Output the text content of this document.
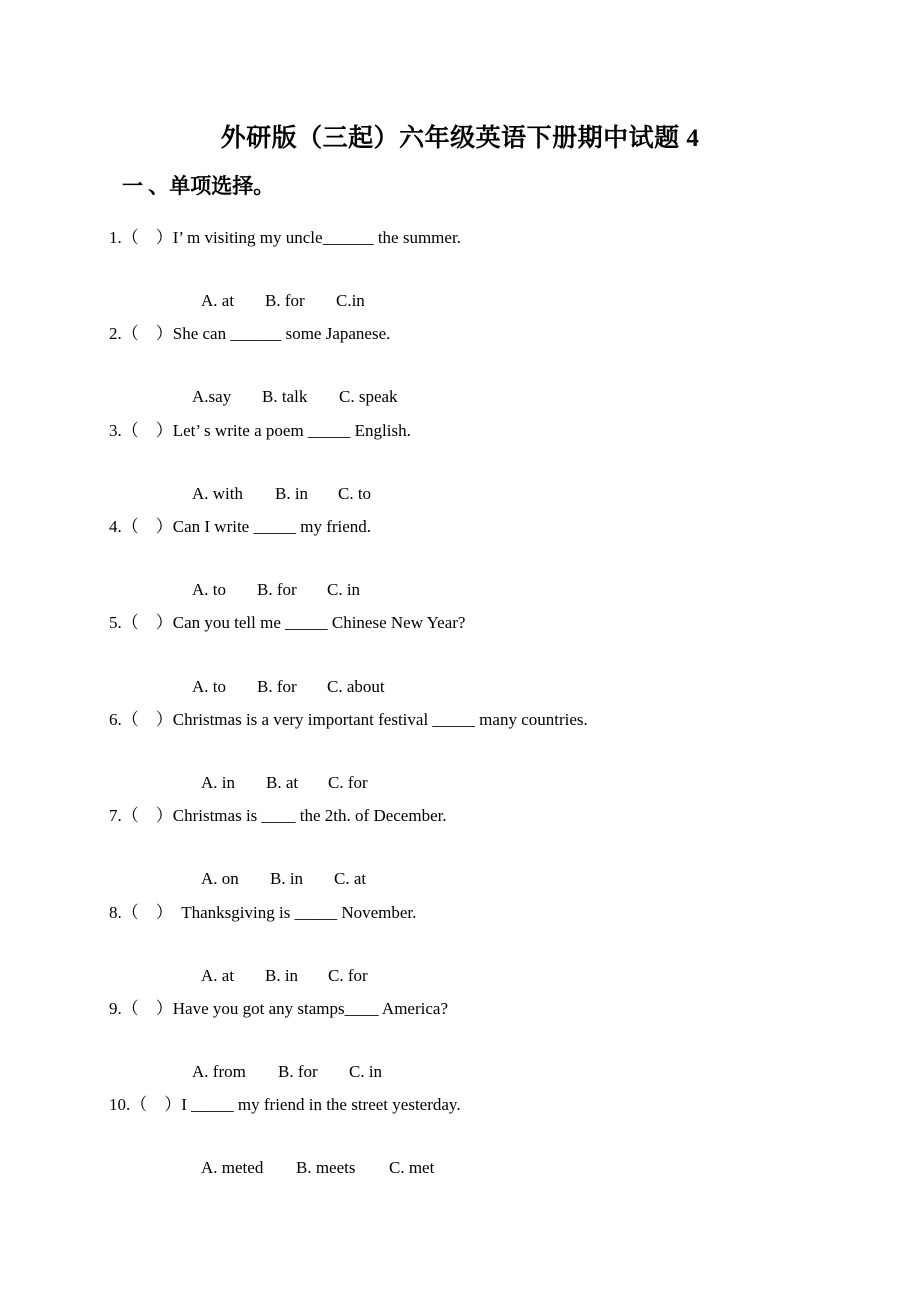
外研版（三起）六年级英语下册期中试题 4
一 、单项选择。
1.（    ）I’ m visiting my uncle______ the summer.

A. at B. for C.in

2.（    ）She can ______ some Japanese.

A.say B. talk C. speak

3.（    ）Let’ s write a poem _____ English.

A. with B. in C. to

4.（    ）Can I write _____ my friend.

A. to B. for C. in

5.（    ）Can you tell me _____ Chinese New Year?

A. to B. for C. about

6.（    ）Christmas is a very important festival _____ many countries.

A. in B. at C. for

7.（    ）Christmas is ____ the 2th. of December.

A. on B. in C. at

8.（    ）  Thanksgiving is _____ November.

A. at B. in C. for

9.（    ）Have you got any stamps____ America?

A. from B. for C. in

10.（    ）I _____ my friend in the street yesterday.

A. meted B. meets C. met
